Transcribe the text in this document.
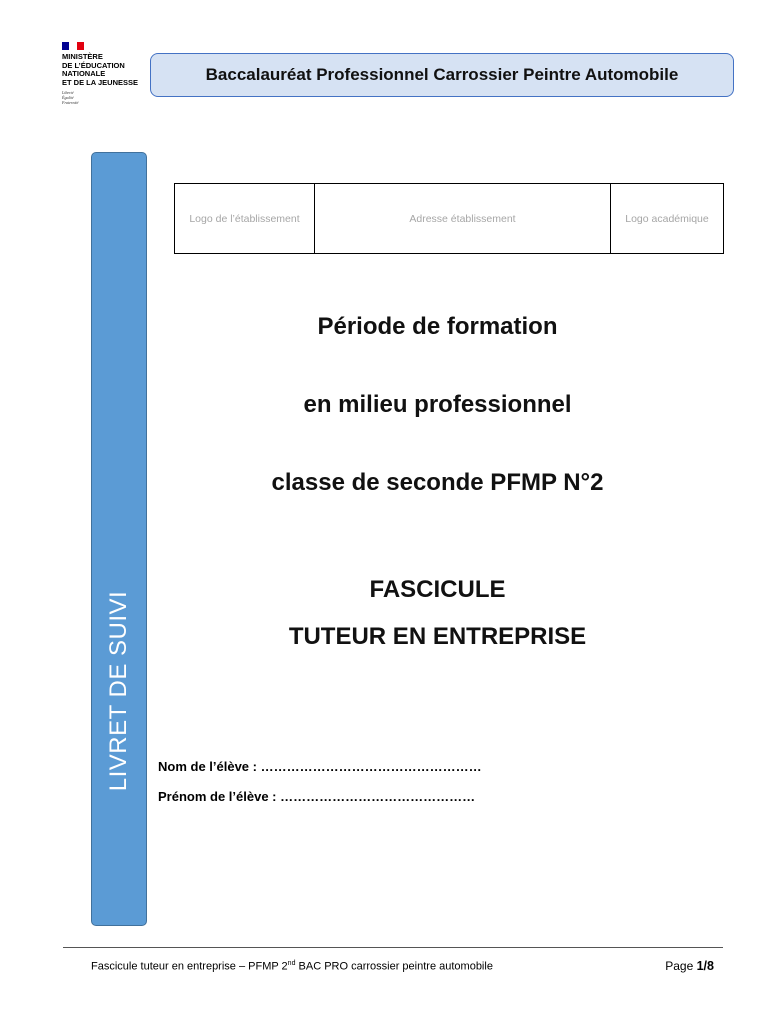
MINISTÈRE
DE L’ÉDUCATION
NATIONALE
ET DE LA JEUNESSE
Liberté
Égalité
Fraternité
Baccalauréat Professionnel Carrossier Peintre Automobile
LIVRET DE SUIVI
Logo de l’établissement	Adresse établissement	Logo académique
Période de formation
en milieu professionnel
classe de seconde PFMP N°2
FASCICULE
TUTEUR EN ENTREPRISE
Nom de l’élève : ……………………………………………
Prénom de l’élève : ………………………………………
Fascicule tuteur en entreprise – PFMP 2nd BAC PRO carrossier peintre automobile	Page 1/8
